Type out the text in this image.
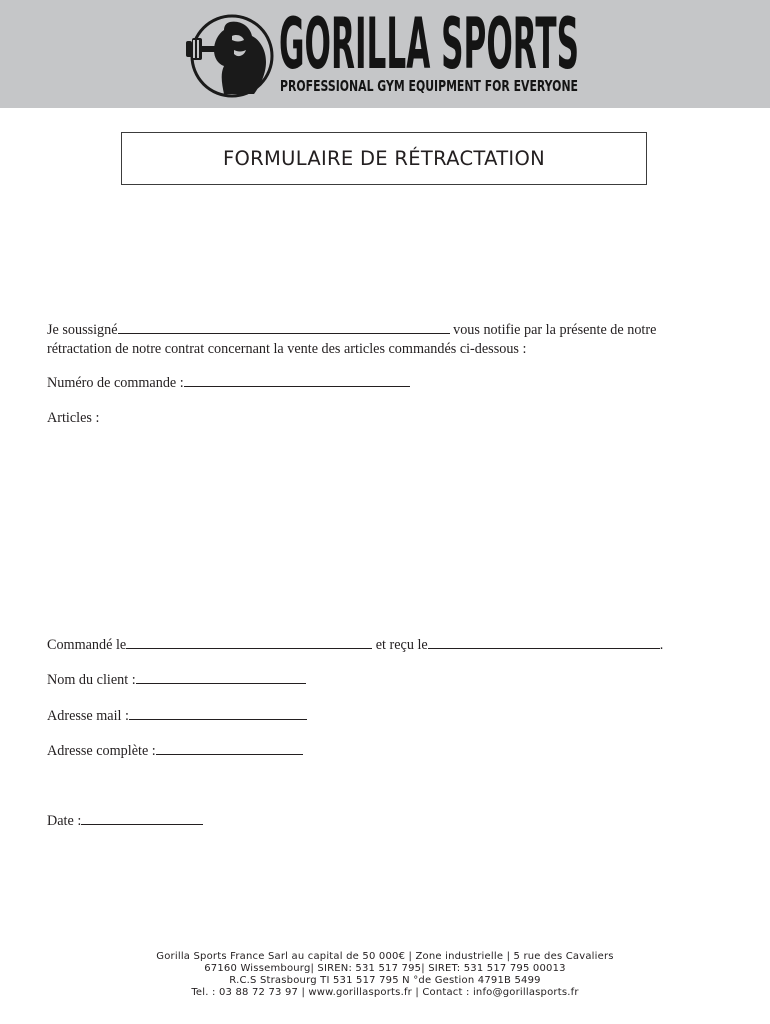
GORILLA SPORTS
PROFESSIONAL GYM EQUIPMENT FOR EVERYONE
FORMULAIRE DE RÉTRACTATION
Je soussigné	vous notifie par la présente de notre
rétractation de notre contrat concernant la vente des articles commandés ci-dessous :
Numéro de commande :
Articles :
Commandé le	et reçu le	.
Nom du client :
Adresse mail :
Adresse complète :
Date :
Gorilla Sports France Sarl au capital de 50 000€ | Zone industrielle | 5 rue des Cavaliers
67160 Wissembourg| SIREN: 531 517 795| SIRET: 531 517 795 00013
R.C.S Strasbourg TI 531 517 795 N °de Gestion 4791B 5499
Tel. : 03 88 72 73 97 | www.gorillasports.fr | Contact : info@gorillasports.fr
